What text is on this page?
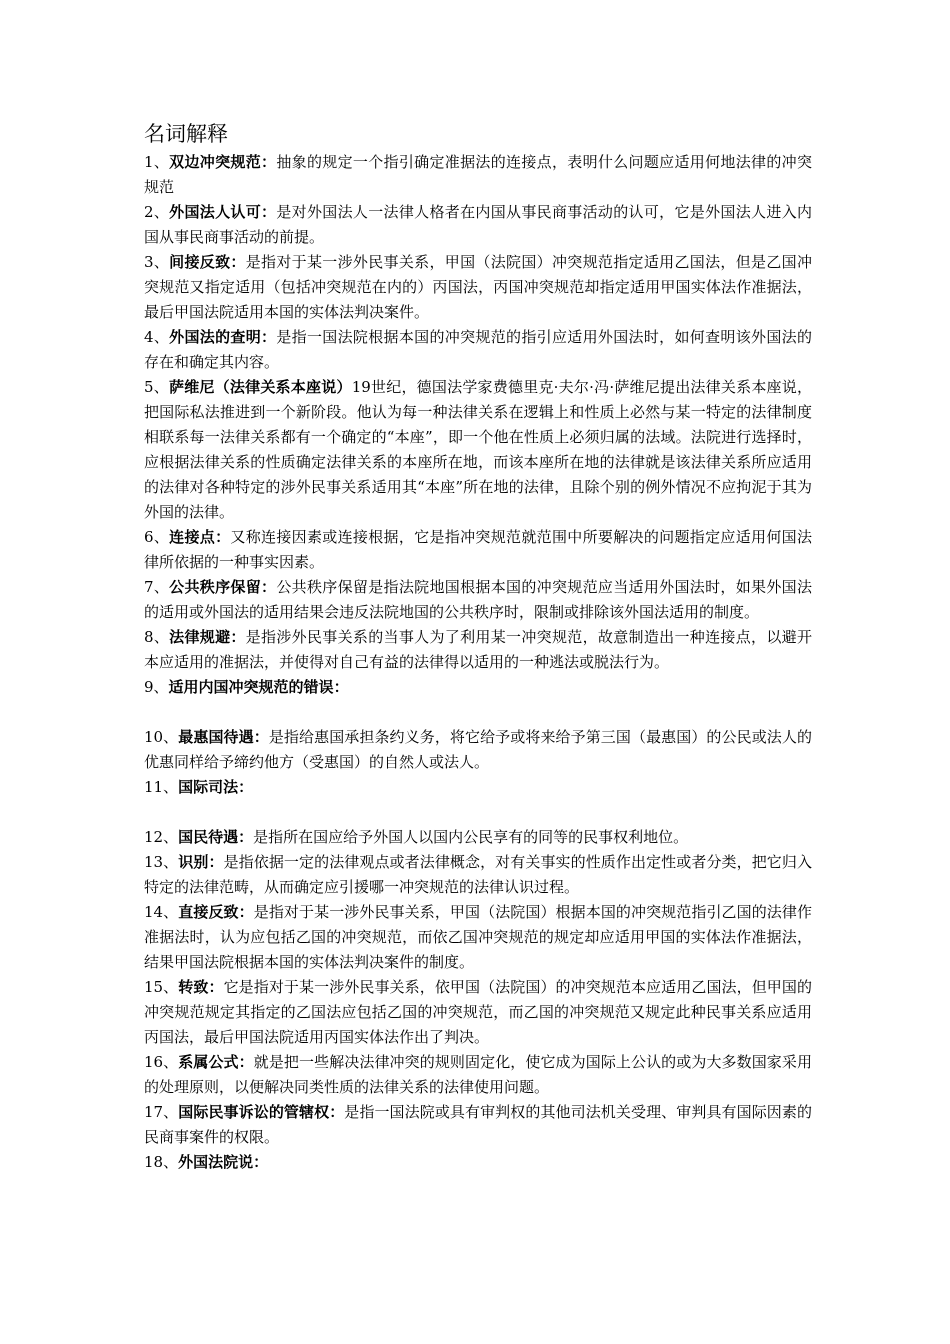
名词解释

1、双边冲突规范：抽象的规定一个指引确定准据法的连接点，表明什么问题应适用何地法律的冲突规范

2、外国法人认可：是对外国法人一法律人格者在内国从事民商事活动的认可，它是外国法人进入内国从事民商事活动的前提。

3、间接反致：是指对于某一涉外民事关系，甲国（法院国）冲突规范指定适用乙国法，但是乙国冲突规范又指定适用（包括冲突规范在内的）丙国法，丙国冲突规范却指定适用甲国实体法作准据法，最后甲国法院适用本国的实体法判决案件。

4、外国法的查明：是指一国法院根据本国的冲突规范的指引应适用外国法时，如何查明该外国法的存在和确定其内容。

5、萨维尼（法律关系本座说）19世纪，德国法学家费德里克·夫尔·冯·萨维尼提出法律关系本座说，把国际私法推进到一个新阶段。他认为每一种法律关系在逻辑上和性质上必然与某一特定的法律制度相联系每一法律关系都有一个确定的“本座”，即一个他在性质上必须归属的法域。法院进行选择时，应根据法律关系的性质确定法律关系的本座所在地，而该本座所在地的法律就是该法律关系所应适用的法律对各种特定的涉外民事关系适用其“本座”所在地的法律，且除个别的例外情况不应拘泥于其为外国的法律。

6、连接点：又称连接因素或连接根据，它是指冲突规范就范围中所要解决的问题指定应适用何国法律所依据的一种事实因素。

7、公共秩序保留：公共秩序保留是指法院地国根据本国的冲突规范应当适用外国法时，如果外国法的适用或外国法的适用结果会违反法院地国的公共秩序时，限制或排除该外国法适用的制度。

8、法律规避：是指涉外民事关系的当事人为了利用某一冲突规范，故意制造出一种连接点，以避开本应适用的准据法，并使得对自己有益的法律得以适用的一种逃法或脱法行为。

9、适用内国冲突规范的错误：

10、最惠国待遇：是指给惠国承担条约义务，将它给予或将来给予第三国（最惠国）的公民或法人的优惠同样给予缔约他方（受惠国）的自然人或法人。

11、国际司法：

12、国民待遇：是指所在国应给予外国人以国内公民享有的同等的民事权利地位。

13、识别：是指依据一定的法律观点或者法律概念，对有关事实的性质作出定性或者分类，把它归入特定的法律范畴，从而确定应引援哪一冲突规范的法律认识过程。

14、直接反致：是指对于某一涉外民事关系，甲国（法院国）根据本国的冲突规范指引乙国的法律作准据法时，认为应包括乙国的冲突规范，而依乙国冲突规范的规定却应适用甲国的实体法作准据法，结果甲国法院根据本国的实体法判决案件的制度。

15、转致：它是指对于某一涉外民事关系，依甲国（法院国）的冲突规范本应适用乙国法，但甲国的冲突规范规定其指定的乙国法应包括乙国的冲突规范，而乙国的冲突规范又规定此种民事关系应适用丙国法，最后甲国法院适用丙国实体法作出了判决。

16、系属公式：就是把一些解决法律冲突的规则固定化，使它成为国际上公认的或为大多数国家采用的处理原则，以便解决同类性质的法律关系的法律使用问题。

17、国际民事诉讼的管辖权：是指一国法院或具有审判权的其他司法机关受理、审判具有国际因素的民商事案件的权限。

18、外国法院说：
